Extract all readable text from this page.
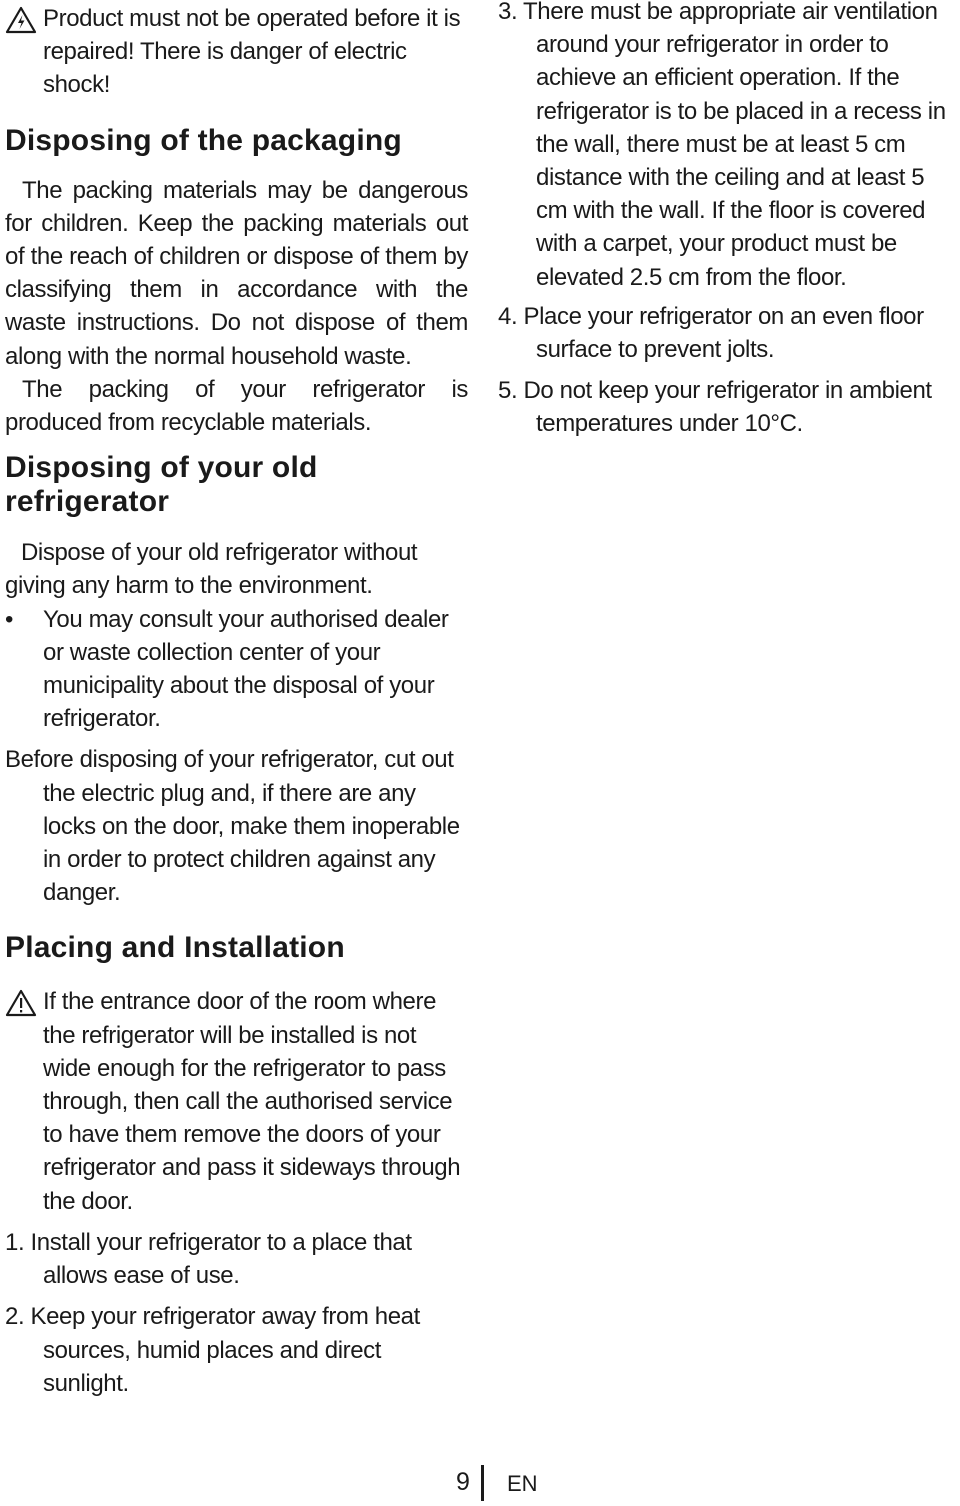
Product must not be operated before it is repaired! There is danger of electric shock!
Disposing of the packaging

The packing materials may be dangerous for children. Keep the packing materials out of the reach of children or dispose of them by classifying them in accordance with the waste instructions. Do not dispose of them along with the normal household waste.

The packing of your refrigerator is produced from recyclable materials.

Disposing of your old
refrigerator

Dispose of your old refrigerator without giving any harm to the environment.

• You may consult your authorised dealer or waste collection center of your municipality about the disposal of your refrigerator.

Before disposing of your refrigerator, cut out the electric plug and, if there are any locks on the door, make them inoperable in order to protect children against any danger.

Placing and Installation
If the entrance door of the room where the refrigerator will be installed is not wide enough for the refrigerator to pass through, then call the authorised service to have them remove the doors of your refrigerator and pass it sideways through the door.

1. Install your refrigerator to a place that allows ease of use.

2. Keep your refrigerator away from heat sources, humid places and direct sunlight.

3. There must be appropriate air ventilation around your refrigerator in order to achieve an efficient operation. If the refrigerator is to be placed in a recess in the wall, there must be at least 5 cm distance with the ceiling and at least 5 cm with the wall. If the floor is covered with a carpet, your product must be elevated 2.5 cm from the floor.

4. Place your refrigerator on an even floor surface to prevent jolts.

5. Do not keep your refrigerator in ambient temperatures under 10°C.

9 EN
